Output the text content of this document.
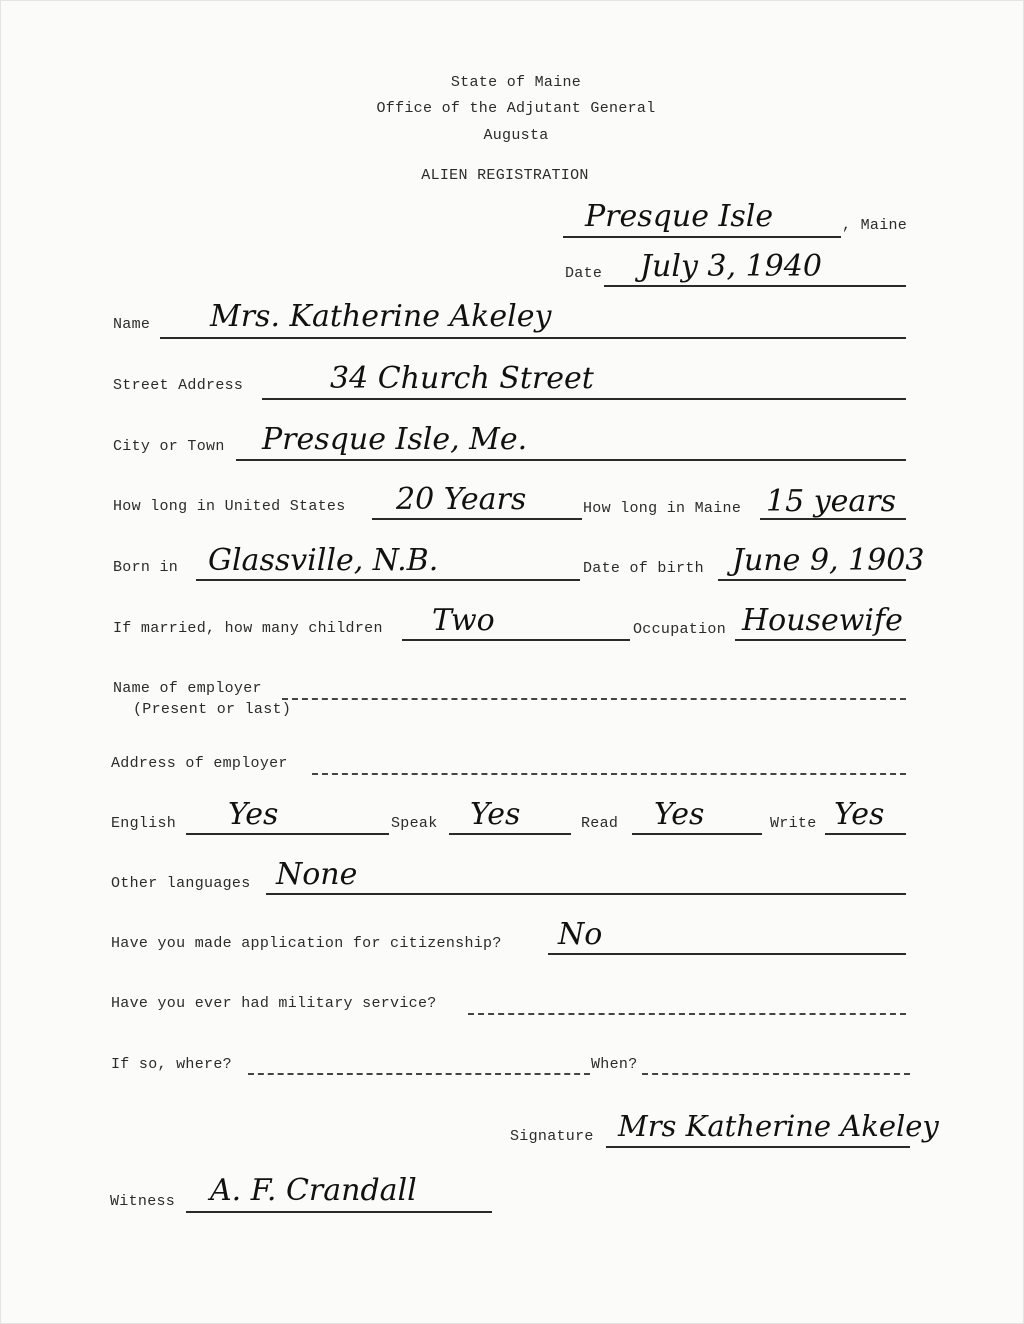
State of Maine
Office of the Adjutant General
Augusta
ALIEN REGISTRATION
Presque Isle	, Maine
Date July 3, 1940
Name Mrs. Katherine Akeley
Street Address	34 Church Street
City or Town Presque Isle, Me.
How long in United States 20 Years	How long in Maine 15 years
Born in Glassville, N.B.	Date of birth June 9, 1903
If married, how many children Two	Occupation Housewife
Name of employer
(Present or last)
Address of employer
English Yes	Speak Yes	Read Yes	Write Yes
Other languages None
Have you made application for citizenship? No
Have you ever had military service?
If so, where?	When?
Signature Mrs Katherine Akeley
Witness A. F. Crandall
